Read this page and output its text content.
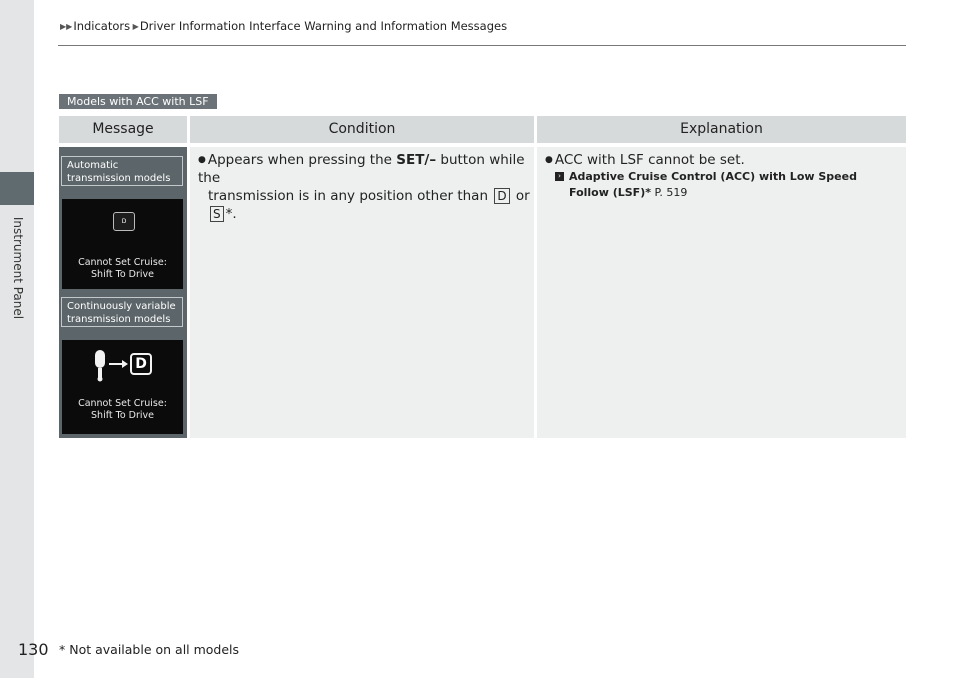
Instrument Panel
130
▶▶ Indicators ▶ Driver Information Interface Warning and Information Messages
Models with ACC with LSF
Message	Condition	Explanation
Automatic transmission models
D
Cannot Set Cruise:
Shift To Drive
Continuously variable transmission models
D
Cannot Set Cruise:
Shift To Drive
● Appears when pressing the SET/– button while the
transmission is in any position other than D or S *.
● ACC with LSF cannot be set.
› Adaptive Cruise Control (ACC) with Low Speed
Follow (LSF)* P. 519
* Not available on all models
